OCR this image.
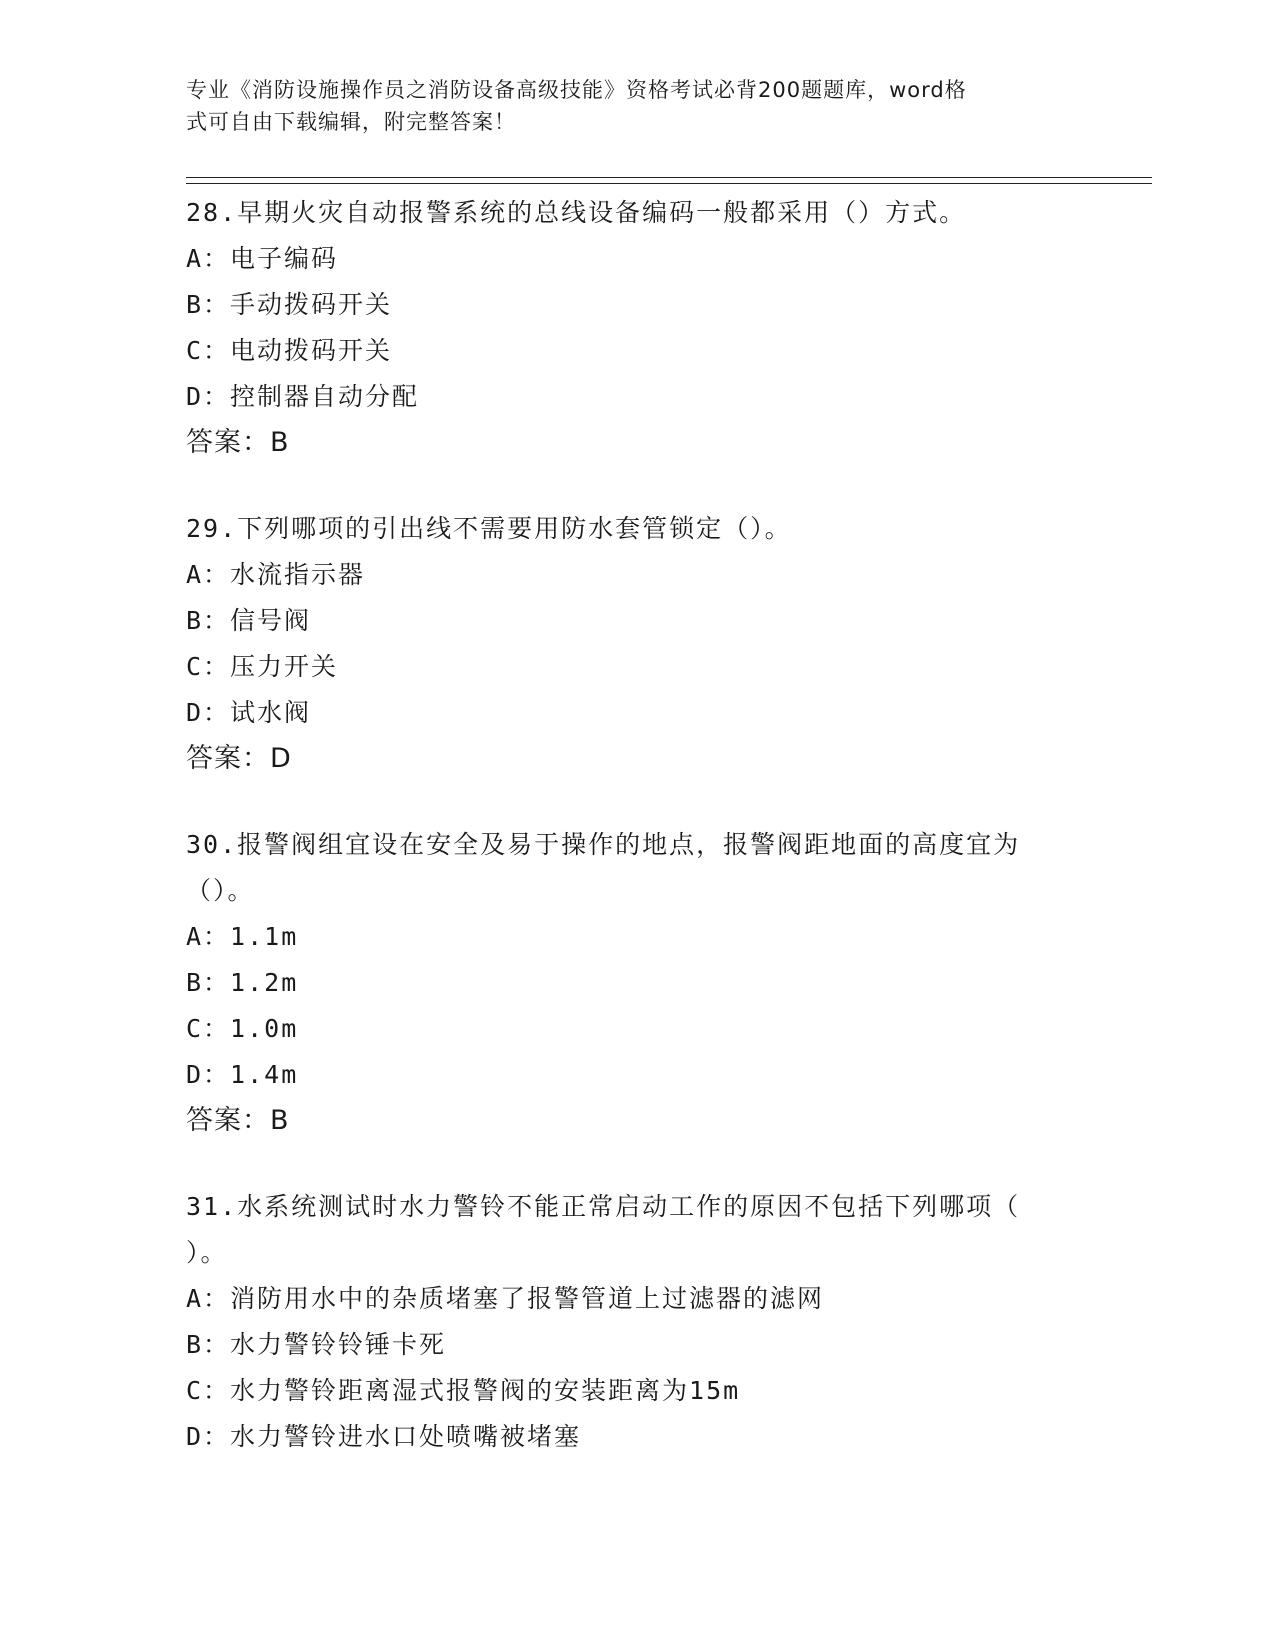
专业《消防设施操作员之消防设备高级技能》资格考试必背200题题库，word格
式可自由下载编辑，附完整答案！
28.早期火灾自动报警系统的总线设备编码一般都采用（）方式。
A：电子编码
B：手动拨码开关
C：电动拨码开关
D：控制器自动分配
答案：B
29.下列哪项的引出线不需要用防水套管锁定（）。
A：水流指示器
B：信号阀
C：压力开关
D：试水阀
答案：D
30.报警阀组宜设在安全及易于操作的地点，报警阀距地面的高度宜为
（）。
A：1.1m
B：1.2m
C：1.0m
D：1.4m
答案：B
31.水系统测试时水力警铃不能正常启动工作的原因不包括下列哪项（
）。
A：消防用水中的杂质堵塞了报警管道上过滤器的滤网
B：水力警铃铃锤卡死
C：水力警铃距离湿式报警阀的安装距离为15m
D：水力警铃进水口处喷嘴被堵塞
